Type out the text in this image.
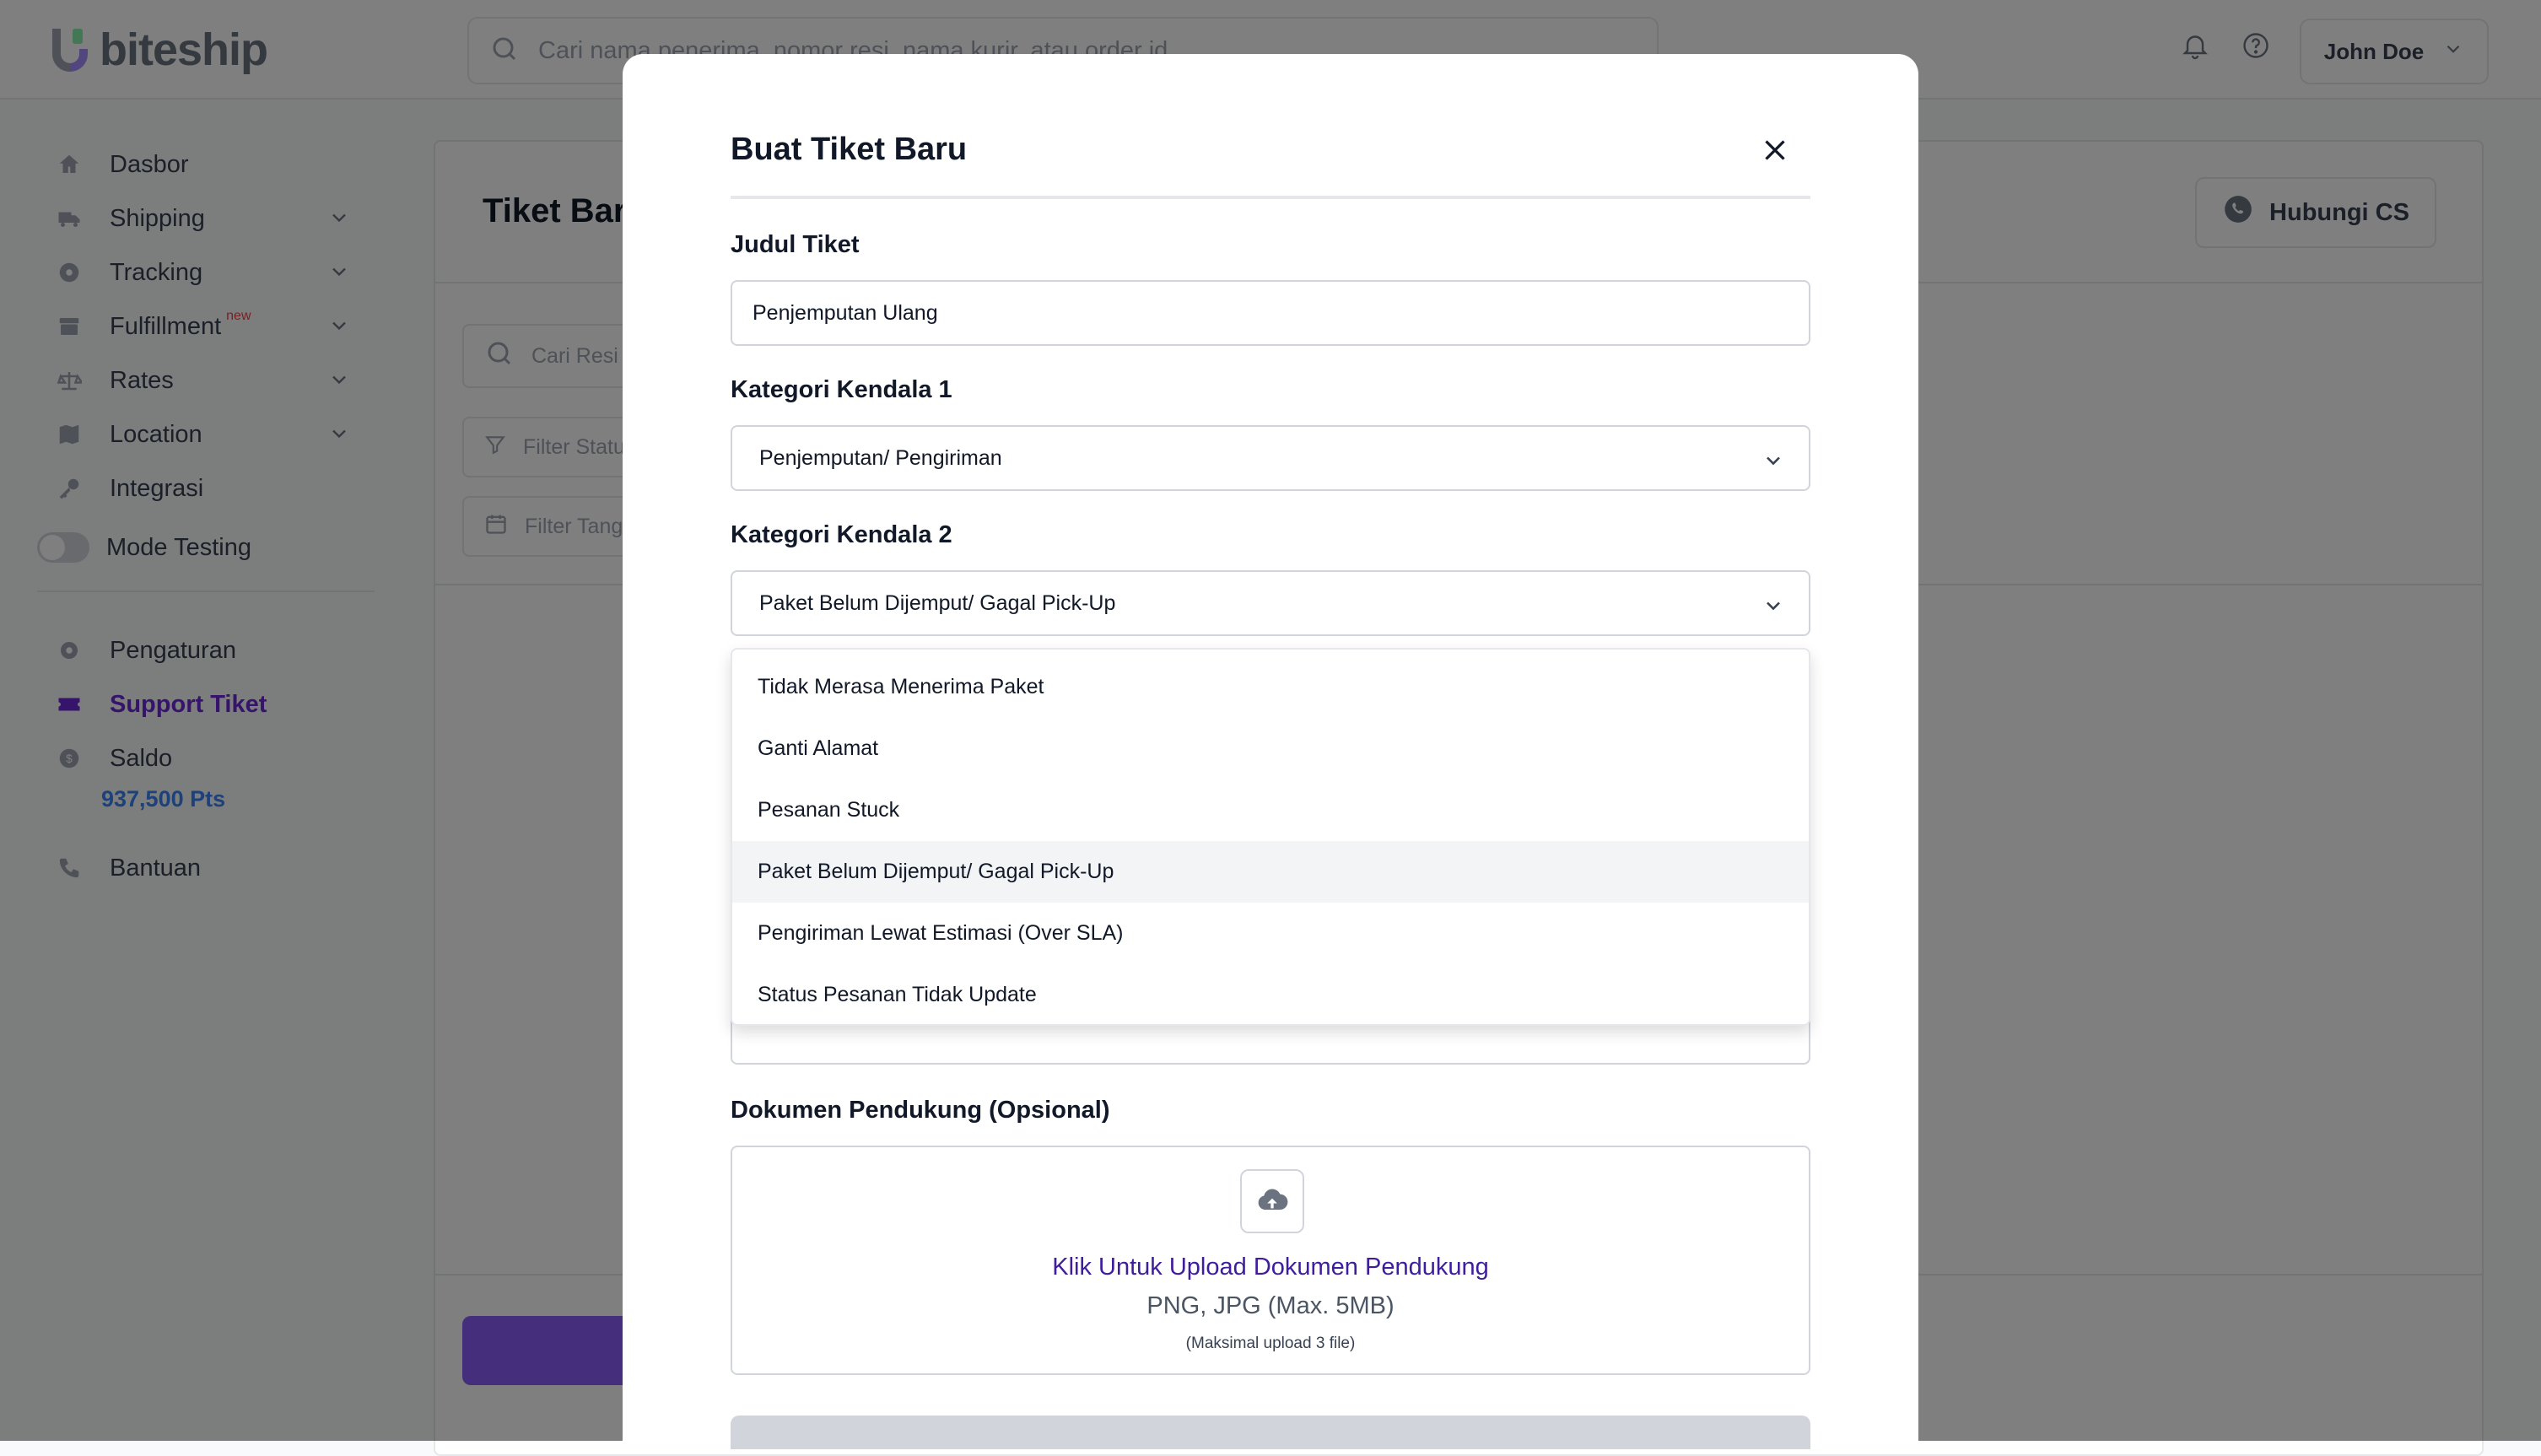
Buat Tiket Baru
Judul Tiket
Penjemputan Ulang
Kategori Kendala 1
Penjemputan/ Pengiriman
Kategori Kendala 2
Paket Belum Dijemput/ Gagal Pick-Up
Tidak Merasa Menerima Paket
Ganti Alamat
Pesanan Stuck
Paket Belum Dijemput/ Gagal Pick-Up
Pengiriman Lewat Estimasi (Over SLA)
Status Pesanan Tidak Update
Dokumen Pendukung (Opsional)
Klik Untuk Upload Dokumen Pendukung
PNG, JPG (Max. 5MB)
(Maksimal upload 3 file)
